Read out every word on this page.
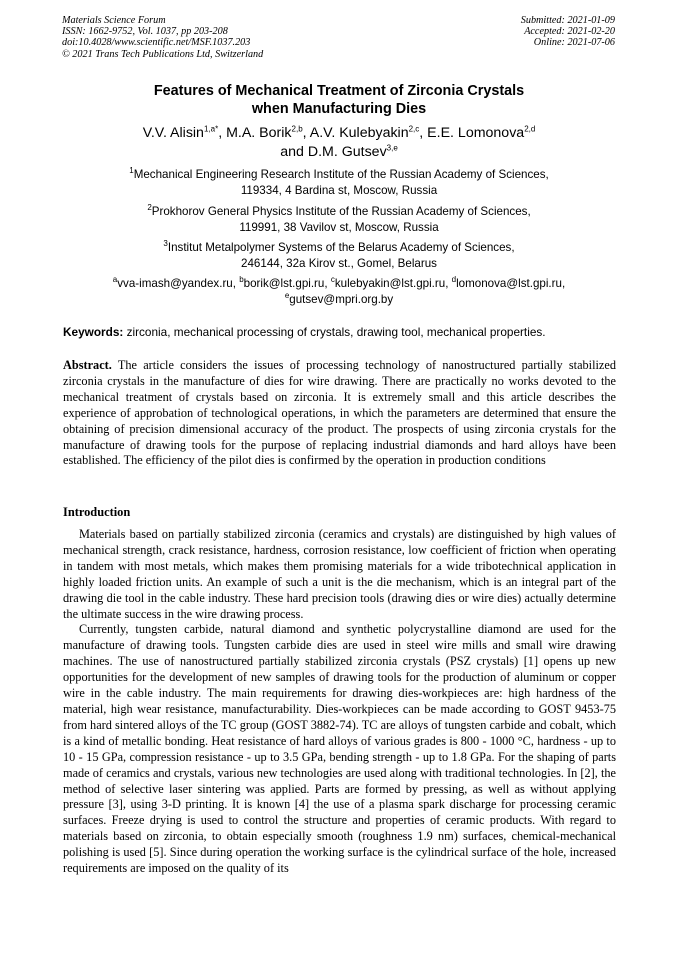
Materials Science Forum
ISSN: 1662-9752, Vol. 1037, pp 203-208
doi:10.4028/www.scientific.net/MSF.1037.203
© 2021 Trans Tech Publications Ltd, Switzerland
Submitted: 2021-01-09
Accepted: 2021-02-20
Online: 2021-07-06
Features of Mechanical Treatment of Zirconia Crystals
when Manufacturing Dies
V.V. Alisin$^{1,a*}$, M.A. Borik$^{2,b}$, A.V. Kulebyakin$^{2,c}$, E.E. Lomonova$^{2,d}$
and D.M. Gutsev$^{3,e}$
$^1$Mechanical Engineering Research Institute of the Russian Academy of Sciences,
119334, 4 Bardina st, Moscow, Russia
$^2$Prokhorov General Physics Institute of the Russian Academy of Sciences,
119991, 38 Vavilov st, Moscow, Russia
$^3$Institut Metalpolymer Systems of the Belarus Academy of Sciences,
246144, 32a Kirov st., Gomel, Belarus
$^a$vva-imash@yandex.ru, $^b$borik@lst.gpi.ru, $^c$kulebyakin@lst.gpi.ru, $^d$lomonova@lst.gpi.ru,
$^e$gutsev@mpri.org.by
Keywords: zirconia, mechanical processing of crystals, drawing tool, mechanical properties.
Abstract. The article considers the issues of processing technology of nanostructured partially stabilized zirconia crystals in the manufacture of dies for wire drawing. There are practically no works devoted to the mechanical treatment of crystals based on zirconia. It is extremely small and this article describes the experience of approbation of technological operations, in which the parameters are determined that ensure the obtaining of precision dimensional accuracy of the product. The prospects of using zirconia crystals for the manufacture of drawing tools for the purpose of replacing industrial diamonds and hard alloys have been established. The efficiency of the pilot dies is confirmed by the operation in production conditions
Introduction

Materials based on partially stabilized zirconia (ceramics and crystals) are distinguished by high values of mechanical strength, crack resistance, hardness, corrosion resistance, low coefficient of friction when operating in tandem with most metals, which makes them promising materials for a wide tribotechnical application in highly loaded friction units. An example of such a unit is the die mechanism, which is an integral part of the drawing die tool in the cable industry. These hard precision tools (drawing dies or wire dies) actually determine the ultimate success in the wire drawing process.

Currently, tungsten carbide, natural diamond and synthetic polycrystalline diamond are used for the manufacture of drawing tools. Tungsten carbide dies are used in steel wire mills and small wire drawing machines. The use of nanostructured partially stabilized zirconia crystals (PSZ crystals) [1] opens up new opportunities for the development of new samples of drawing tools for the production of aluminum or copper wire in the cable industry. The main requirements for drawing dies-workpieces are: high hardness of the material, high wear resistance, manufacturability. Dies-workpieces can be made according to GOST 9453-75 from hard sintered alloys of the TC group (GOST 3882-74). TC are alloys of tungsten carbide and cobalt, which is a kind of metallic bonding. Heat resistance of hard alloys of various grades is 800 - 1000 °C, hardness - up to 10 - 15 GPa, compression resistance - up to 3.5 GPa, bending strength - up to 1.8 GPa. For the shaping of parts made of ceramics and crystals, various new technologies are used along with traditional technologies. In [2], the method of selective laser sintering was applied. Parts are formed by pressing, as well as without applying pressure [3], using 3-D printing. It is known [4] the use of a plasma spark discharge for processing ceramic surfaces. Freeze drying is used to control the structure and properties of ceramic products. With regard to materials based on zirconia, to obtain especially smooth (roughness 1.9 nm) surfaces, chemical-mechanical polishing is used [5]. Since during operation the working surface is the cylindrical surface of the hole, increased requirements are imposed on the quality of its
